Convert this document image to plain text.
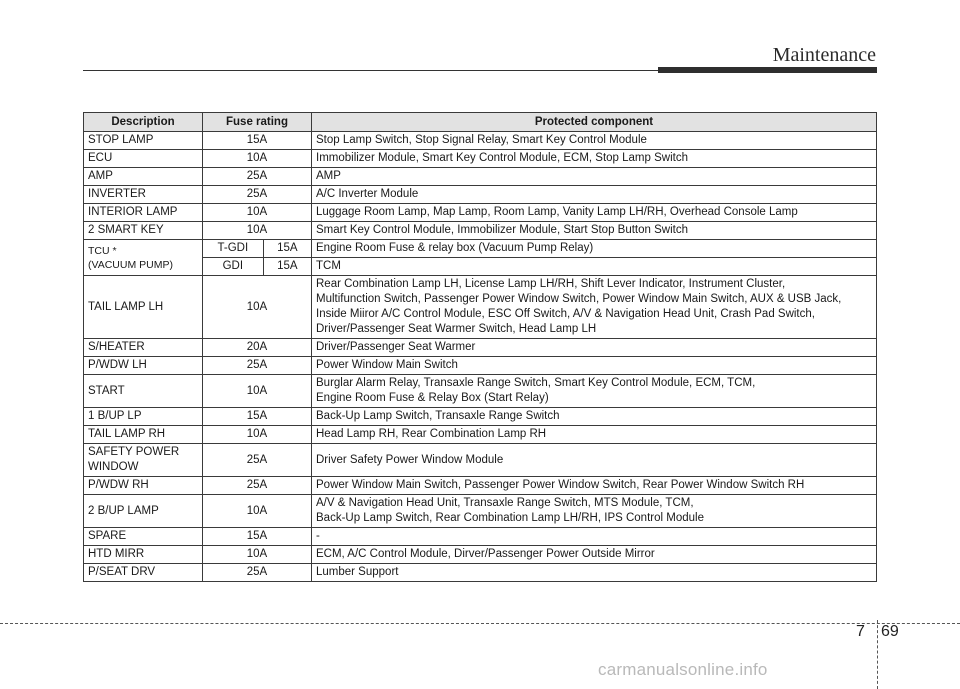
Maintenance
Description	Fuse rating		Protected component
STOP LAMP	15A		Stop Lamp Switch, Stop Signal Relay, Smart Key Control Module
ECU	10A		Immobilizer Module, Smart Key Control Module, ECM, Stop Lamp Switch
AMP	25A		AMP
INVERTER	25A		A/C Inverter Module
INTERIOR LAMP	10A		Luggage Room Lamp, Map Lamp, Room Lamp, Vanity Lamp LH/RH, Overhead Console Lamp
2 SMART KEY	10A		Smart Key Control Module, Immobilizer Module, Start Stop Button Switch

TCU *
(VACUUM PUMP)	T-GDI	15A	Engine Room Fuse & relay box (Vacuum Pump Relay)
	GDI	15A	TCM
TAIL LAMP LH	10A		Rear Combination Lamp LH, License Lamp LH/RH, Shift Lever Indicator, Instrument Cluster,
Multifunction Switch, Passenger Power Window Switch, Power Window Main Switch, AUX & USB Jack,
Inside Miiror A/C Control Module, ESC Off Switch, A/V & Navigation Head Unit, Crash Pad Switch,
Driver/Passenger Seat Warmer Switch, Head Lamp LH

S/HEATER	20A		Driver/Passenger Seat Warmer
P/WDW LH	25A		Power Window Main Switch
START	10A		Burglar Alarm Relay, Transaxle Range Switch, Smart Key Control Module, ECM, TCM,
Engine Room Fuse & Relay Box (Start Relay)

1 B/UP LP	15A		Back-Up Lamp Switch, Transaxle Range Switch
TAIL LAMP RH	10A		Head Lamp RH, Rear Combination Lamp RH

SAFETY POWER
WINDOW	25A		Driver Safety Power Window Module
P/WDW RH	25A		Power Window Main Switch, Passenger Power Window Switch, Rear Power Window Switch RH
2 B/UP LAMP	10A		A/V & Navigation Head Unit, Transaxle Range Switch, MTS Module, TCM,
Back-Up Lamp Switch, Rear Combination Lamp LH/RH, IPS Control Module

SPARE	15A		-
HTD MIRR	10A		ECM, A/C Control Module, Dirver/Passenger Power Outside Mirror
P/SEAT DRV	25A		Lumber Support
7 69
carmanualsonline.info
